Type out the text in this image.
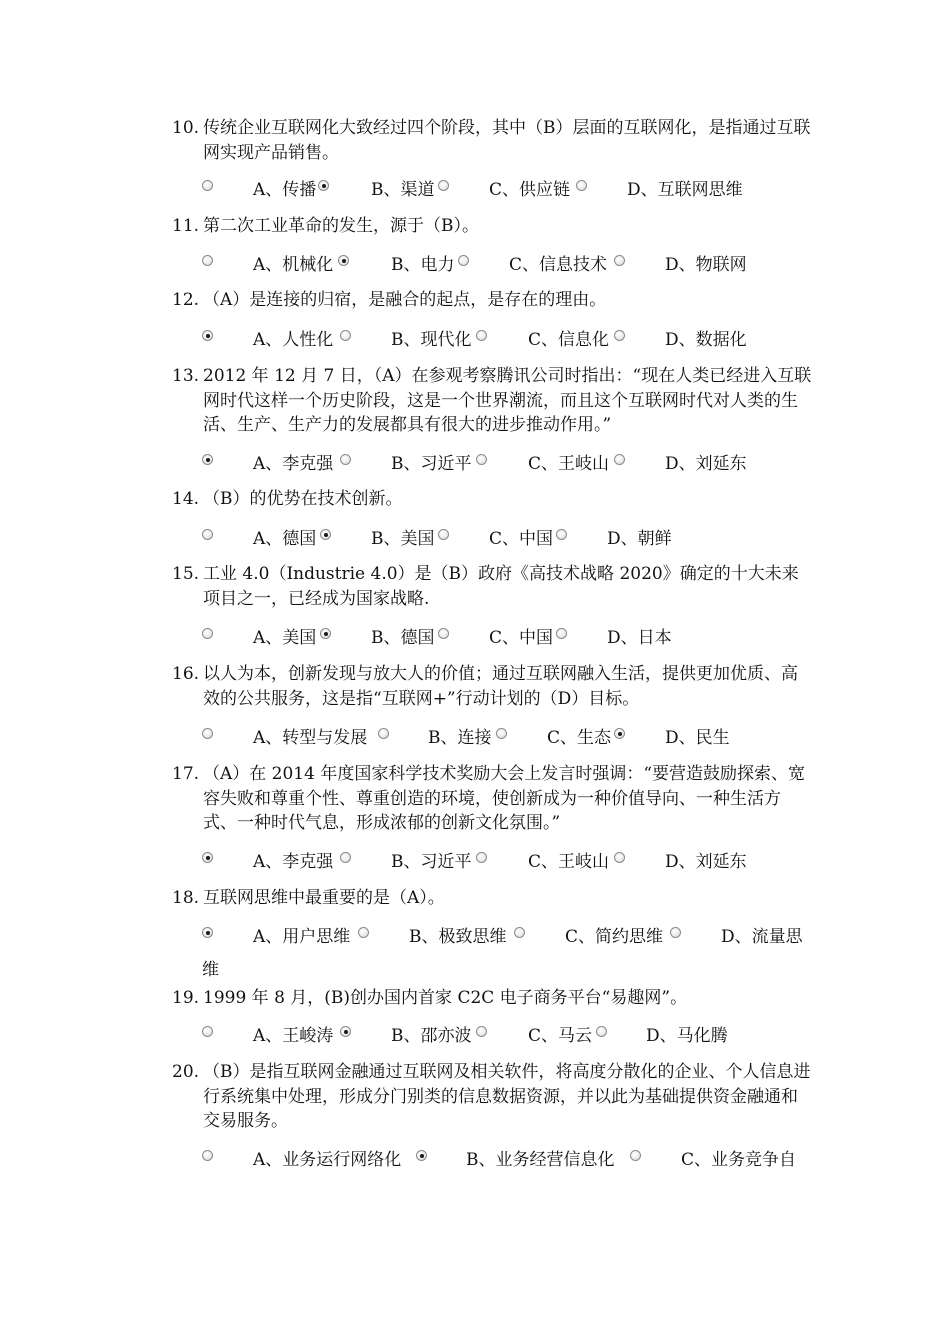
10. 传统企业互联网化大致经过四个阶段，其中（B）层面的互联网化，是指通过互联网实现产品销售。
A、传播	B、渠道	C、供应链	D、互联网思维
11. 第二次工业革命的发生，源于（B）。
A、机械化	B、电力	C、信息技术	D、物联网
12. （A）是连接的归宿，是融合的起点，是存在的理由。
A、人性化	B、现代化	C、信息化	D、数据化
13. 2012 年 12 月 7 日，（A）在参观考察腾讯公司时指出：“现在人类已经进入互联网时代这样一个历史阶段，这是一个世界潮流，而且这个互联网时代对人类的生活、生产、生产力的发展都具有很大的进步推动作用。”
A、李克强	B、习近平	C、王岐山	D、刘延东
14. （B）的优势在技术创新。
A、德国	B、美国	C、中国	D、朝鲜
15. 工业 4.0（Industrie 4.0）是（B）政府《高技术战略 2020》确定的十大未来项目之一，已经成为国家战略.
A、美国	B、德国	C、中国	D、日本
16. 以人为本，创新发现与放大人的价值；通过互联网融入生活，提供更加优质、高效的公共服务，这是指“互联网+”行动计划的（D）目标。
A、转型与发展	B、连接	C、生态	D、民生
17. （A）在 2014 年度国家科学技术奖励大会上发言时强调：“要营造鼓励探索、宽容失败和尊重个性、尊重创造的环境，使创新成为一种价值导向、一种生活方式、一种时代气息，形成浓郁的创新文化氛围。”
A、李克强	B、习近平	C、王岐山	D、刘延东
18. 互联网思维中最重要的是（A）。
A、用户思维	B、极致思维	C、简约思维	D、流量思
维
19. 1999 年 8 月，(B)创办国内首家 C2C 电子商务平台“易趣网”。
A、王峻涛	B、邵亦波	C、马云	D、马化腾
20. （B）是指互联网金融通过互联网及相关软件，将高度分散化的企业、个人信息进行系统集中处理，形成分门别类的信息数据资源，并以此为基础提供资金融通和交易服务。
A、业务运行网络化	B、业务经营信息化	C、业务竞争自
